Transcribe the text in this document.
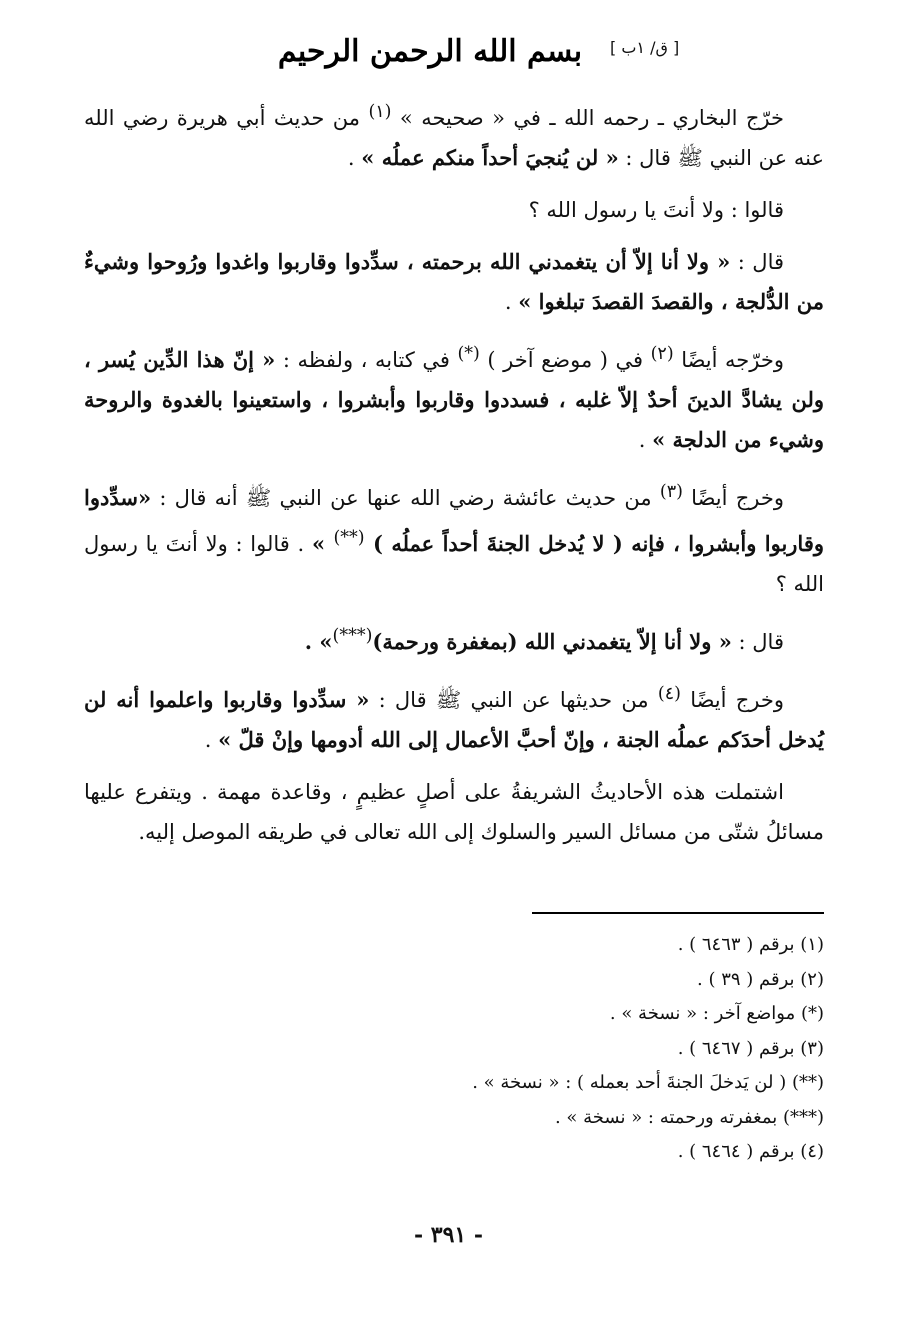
بسم الله الرحمن الرحيم	[ ق/ ١ب ]

خرّج البخاري ـ رحمه الله ـ في « صحيحه » $^{(١)}$ من حديث أبي هريرة رضي الله عنه عن النبي ﷺ قال : « لن يُنجيَ أحداً منكم عملُه » .

قالوا : ولا أنتَ يا رسول الله ؟

قال : « ولا أنا إلاّ أن يتغمدني الله برحمته ، سدِّدوا وقاربوا واغدوا ورُوحوا وشيءٌ من الدُّلجة ، والقصدَ القصدَ تبلغوا » .

وخرّجه أيضًا $^{(٢)}$ في ( موضع آخر ) (*) في كتابه ، ولفظه : « إنّ هذا الدِّين يُسر ، ولن يشادَّ الدينَ أحدٌ إلاّ غلبه ، فسددوا وقاربوا وأبشروا ، واستعينوا بالغدوة والروحة وشيء من الدلجة » .

وخرج أيضًا $^{(٣)}$ من حديث عائشة رضي الله عنها عن النبي ﷺ أنه قال : «سدِّدوا وقاربوا وأبشروا ، فإنه ( لا يُدخل الجنةَ أحداً عملُه ) (**) » . قالوا : ولا أنتَ يا رسول الله ؟

قال : « ولا أنا إلاّ يتغمدني الله (بمغفرة ورحمة)(***)» .

وخرج أيضًا $^{(٤)}$ من حديثها عن النبي ﷺ قال : « سدِّدوا وقاربوا واعلموا أنه لن يُدخل أحدَكم عملُه الجنة ، وإنّ أحبَّ الأعمال إلى الله أدومها وإنْ قلّ » .

اشتملت هذه الأحاديثُ الشريفةُ على أصلٍ عظيمٍ ، وقاعدة مهمة . ويتفرع عليها مسائلُ شتّى من مسائل السير والسلوك إلى الله تعالى في طريقه الموصل إليه.

(١) برقم ( ٦٤٦٣ ) .
(٢) برقم ( ٣٩ ) .
(*) مواضع آخر : « نسخة » .
(٣) برقم ( ٦٤٦٧ ) .
(**) ( لن يَدخلَ الجنةَ أحد بعمله ) : « نسخة » .
(***) بمغفرته ورحمته : « نسخة » .
(٤) برقم ( ٦٤٦٤ ) .
- ٣٩١ -
